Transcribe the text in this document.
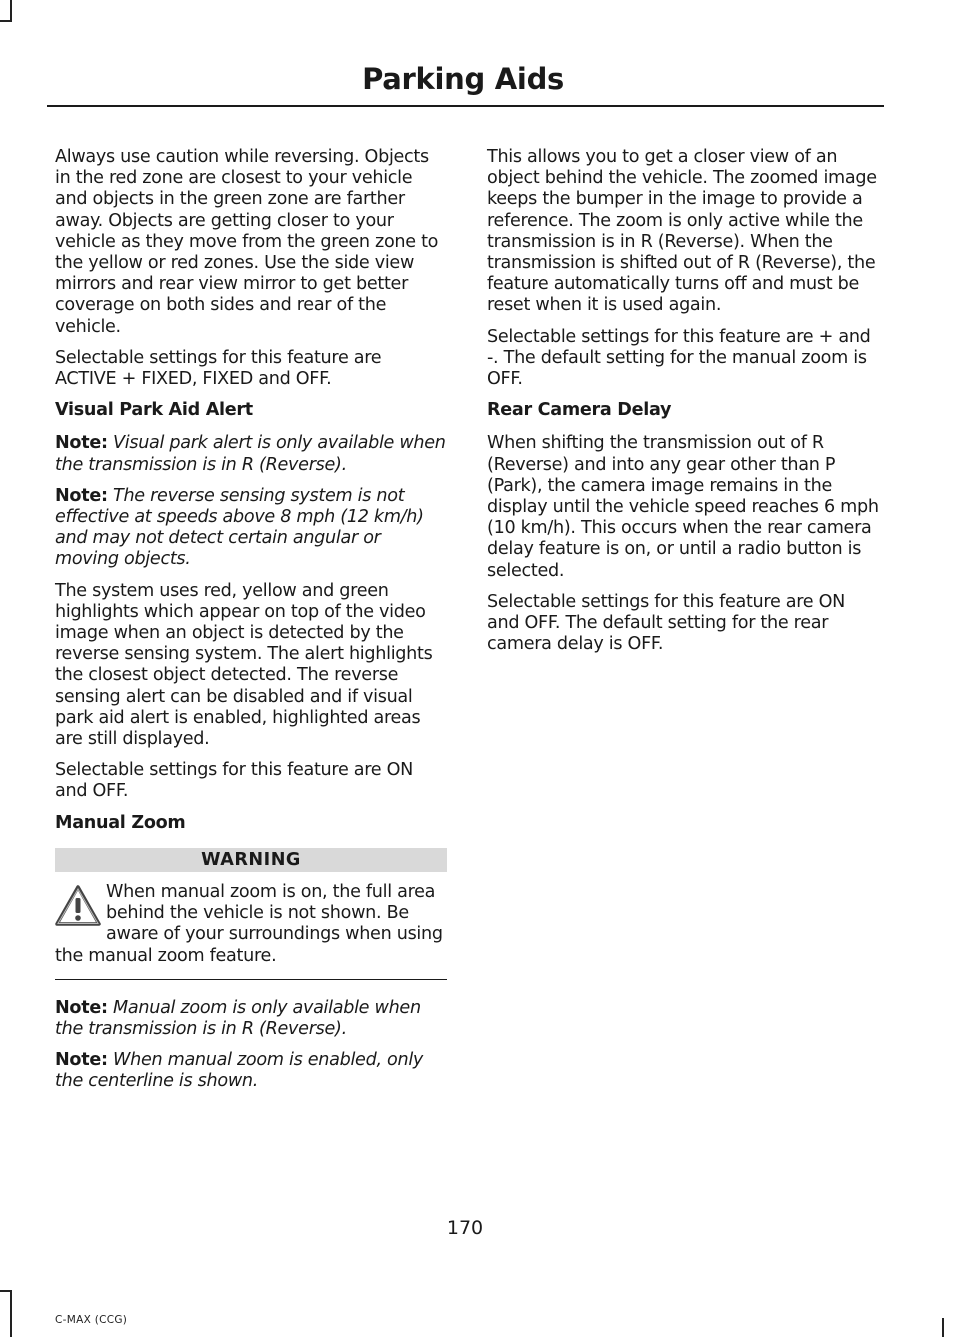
Parking Aids

Always use caution while reversing. Objects in the red zone are closest to your vehicle and objects in the green zone are farther away. Objects are getting closer to your vehicle as they move from the green zone to the yellow or red zones. Use the side view mirrors and rear view mirror to get better coverage on both sides and rear of the vehicle.

Selectable settings for this feature are ACTIVE + FIXED, FIXED and OFF.

Visual Park Aid Alert

Note: Visual park alert is only available when the transmission is in R (Reverse).

Note: The reverse sensing system is not effective at speeds above 8 mph (12 km/h) and may not detect certain angular or moving objects.

The system uses red, yellow and green highlights which appear on top of the video image when an object is detected by the reverse sensing system. The alert highlights the closest object detected. The reverse sensing alert can be disabled and if visual park aid alert is enabled, highlighted areas are still displayed.

Selectable settings for this feature are ON and OFF.

Manual Zoom
WARNING
When manual zoom is on, the full area behind the vehicle is not shown. Be aware of your surroundings when using the manual zoom feature.

Note: Manual zoom is only available when the transmission is in R (Reverse).

Note: When manual zoom is enabled, only the centerline is shown.

This allows you to get a closer view of an object behind the vehicle. The zoomed image keeps the bumper in the image to provide a reference. The zoom is only active while the transmission is in R (Reverse). When the transmission is shifted out of R (Reverse), the feature automatically turns off and must be reset when it is used again.

Selectable settings for this feature are + and -. The default setting for the manual zoom is OFF.

Rear Camera Delay

When shifting the transmission out of R (Reverse) and into any gear other than P (Park), the camera image remains in the display until the vehicle speed reaches 6 mph (10 km/h). This occurs when the rear camera delay feature is on, or until a radio button is selected.

Selectable settings for this feature are ON and OFF. The default setting for the rear camera delay is OFF.

170
C-MAX (CCG)
